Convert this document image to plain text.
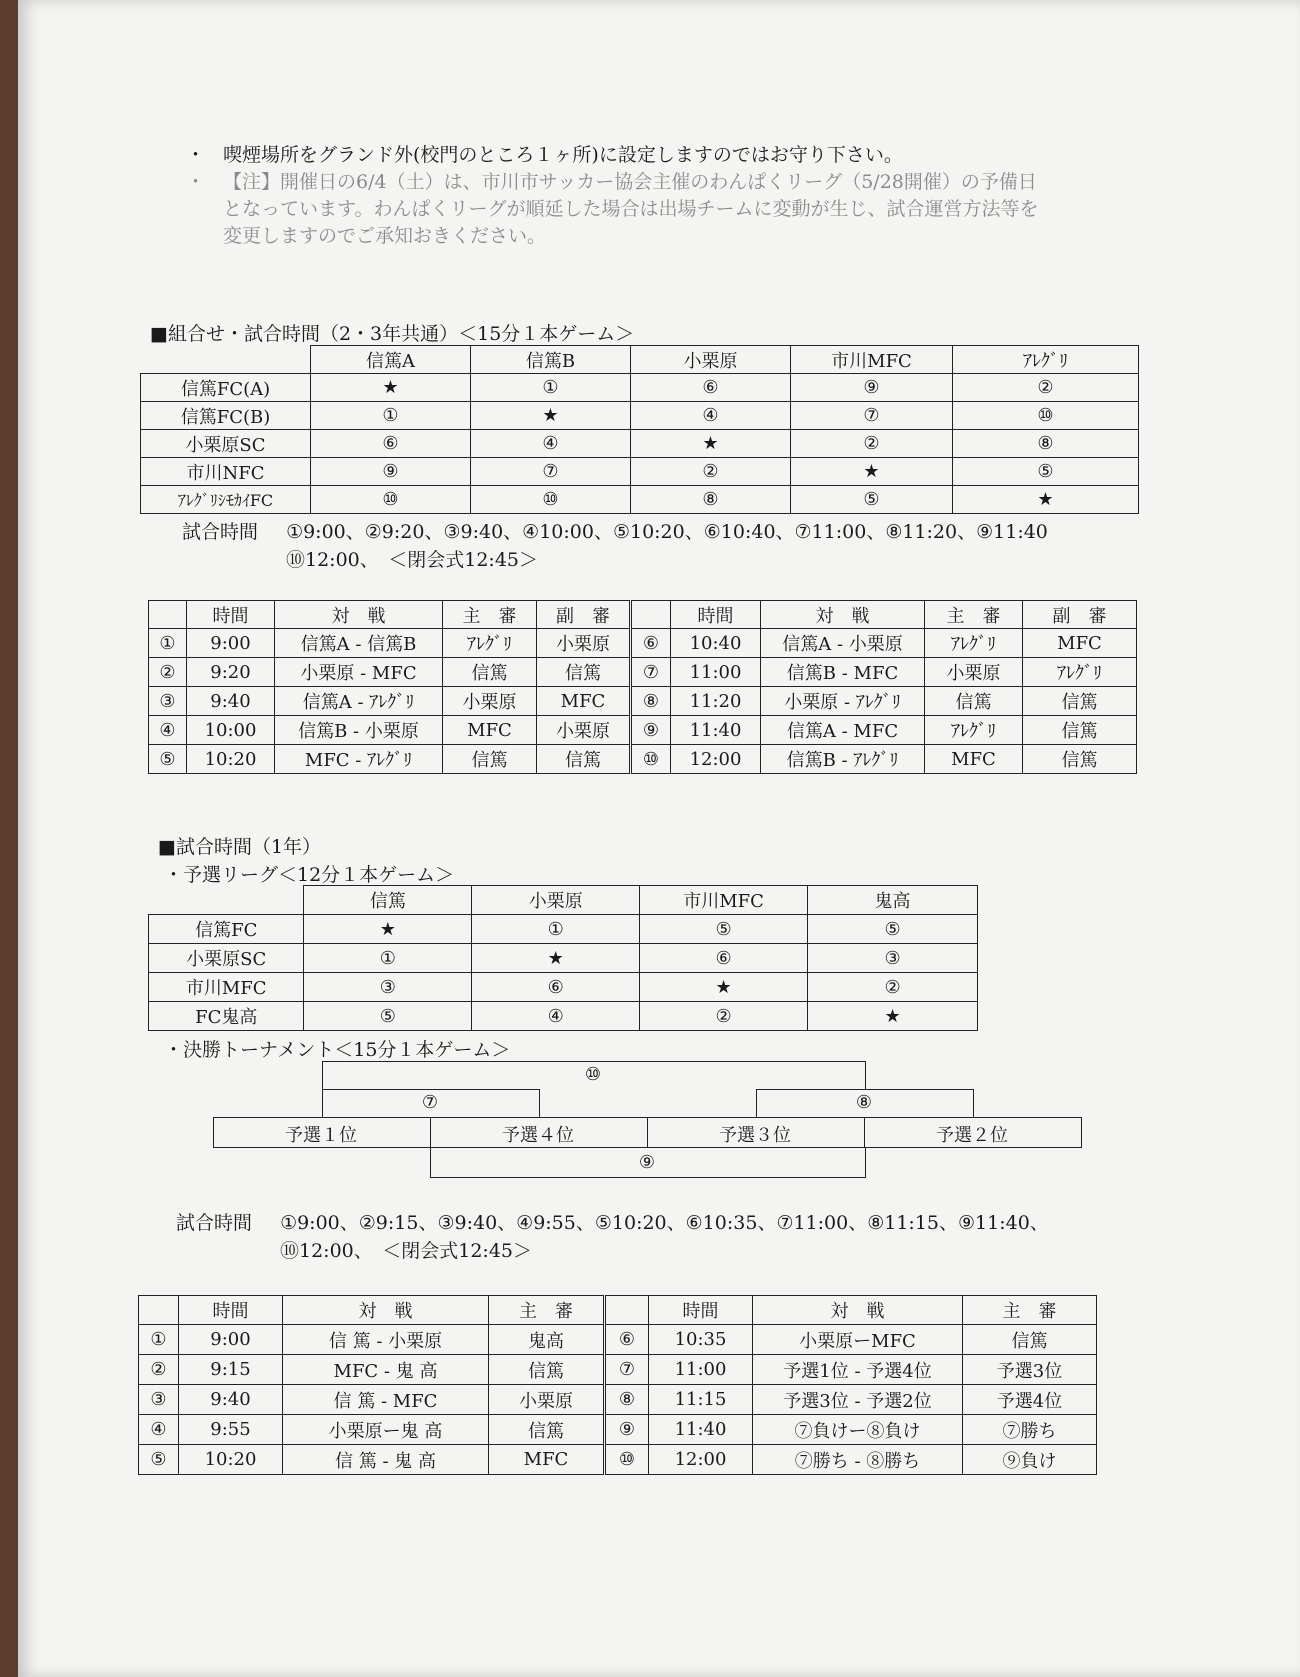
・ 喫煙場所をグランド外(校門のところ１ヶ所)に設定しますのではお守り下さい。
・ 【注】開催日の6/4（土）は、市川市サッカー協会主催のわんぱくリーグ（5/28開催）の予備日
となっています。わんぱくリーグが順延した場合は出場チームに変動が生じ、試合運営方法等を
変更しますのでご承知おきください。
■組合せ・試合時間（2・3年共通）＜15分１本ゲーム＞
	信篤A	信篤B	小栗原	市川MFC	ｱﾚｸﾞﾘ
信篤FC(A)	★	①	⑥	⑨	②
信篤FC(B)	①	★	④	⑦	⑩
小栗原SC	⑥	④	★	②	⑧
市川NFC	⑨	⑦	②	★	⑤
ｱﾚｸﾞﾘｼﾓｶｲFC	⑩	⑩	⑧	⑤	★
試合時間 ①9:00、②9:20、③9:40、④10:00、⑤10:20、⑥10:40、⑦11:00、⑧11:20、⑨11:40
⑩12:00、　＜閉会式12:45＞
	時間	対　戦	主　審	副　審		時間	対　戦	主　審	副　審
①	9:00	信篤A - 信篤B	ｱﾚｸﾞﾘ	小栗原	⑥	10:40	信篤A - 小栗原	ｱﾚｸﾞﾘ	MFC
②	9:20	小栗原 - MFC	信篤	信篤	⑦	11:00	信篤B - MFC	小栗原	ｱﾚｸﾞﾘ
③	9:40	信篤A - ｱﾚｸﾞﾘ	小栗原	MFC	⑧	11:20	小栗原 - ｱﾚｸﾞﾘ	信篤	信篤
④	10:00	信篤B - 小栗原	MFC	小栗原	⑨	11:40	信篤A - MFC	ｱﾚｸﾞﾘ	信篤
⑤	10:20	MFC - ｱﾚｸﾞﾘ	信篤	信篤	⑩	12:00	信篤B - ｱﾚｸﾞﾘ	MFC	信篤
■試合時間（1年）
・予選リーグ＜12分１本ゲーム＞
	信篤	小栗原	市川MFC	鬼高
信篤FC	★	①	⑤	⑤
小栗原SC	①	★	⑥	③
市川MFC	③	⑥	★	②
FC鬼高	⑤	④	②	★
・決勝トーナメント＜15分１本ゲーム＞
⑩
⑦	⑧
予選１位	予選４位	予選３位	予選２位
⑨
試合時間 ①9:00、②9:15、③9:40、④9:55、⑤10:20、⑥10:35、⑦11:00、⑧11:15、⑨11:40、
⑩12:00、　＜閉会式12:45＞
	時間	対　戦	主　審		時間	対　戦	主　審
①	9:00	信 篤 - 小栗原	鬼高	⑥	10:35	小栗原ーMFC	信篤
②	9:15	MFC - 鬼 高	信篤	⑦	11:00	予選1位 - 予選4位	予選3位
③	9:40	信 篤 - MFC	小栗原	⑧	11:15	予選3位 - 予選2位	予選4位
④	9:55	小栗原ー鬼 高	信篤	⑨	11:40	⑦負けー⑧負け	⑦勝ち
⑤	10:20	信 篤 - 鬼 高	MFC	⑩	12:00	⑦勝ち - ⑧勝ち	⑨負け
